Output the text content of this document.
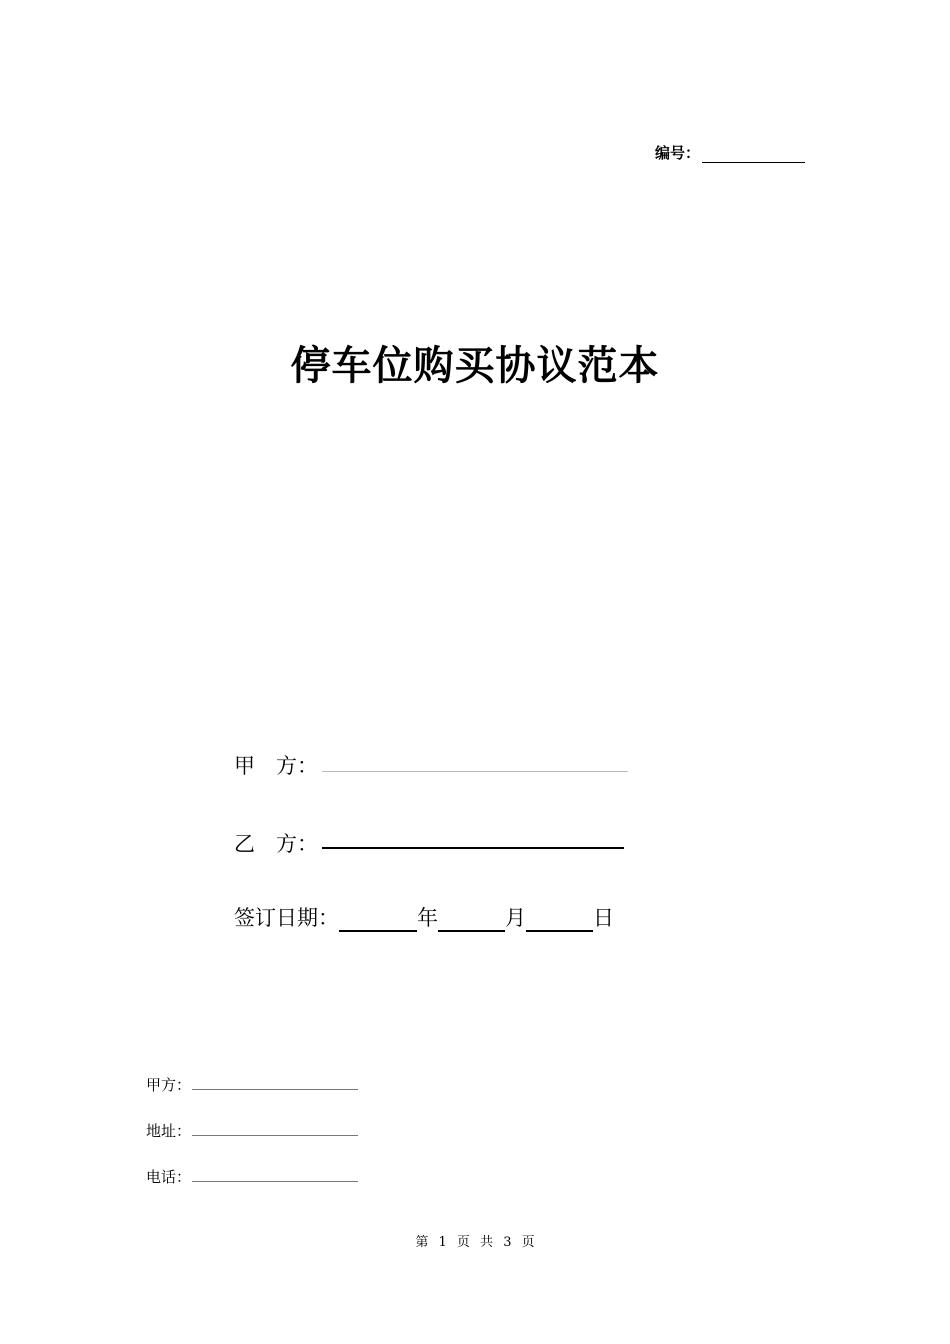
编号：
停车位购买协议范本
甲　方：
乙　方：
签订日期：	年	月	日
甲方：
地址：
电话：
第 1 页 共 3 页
